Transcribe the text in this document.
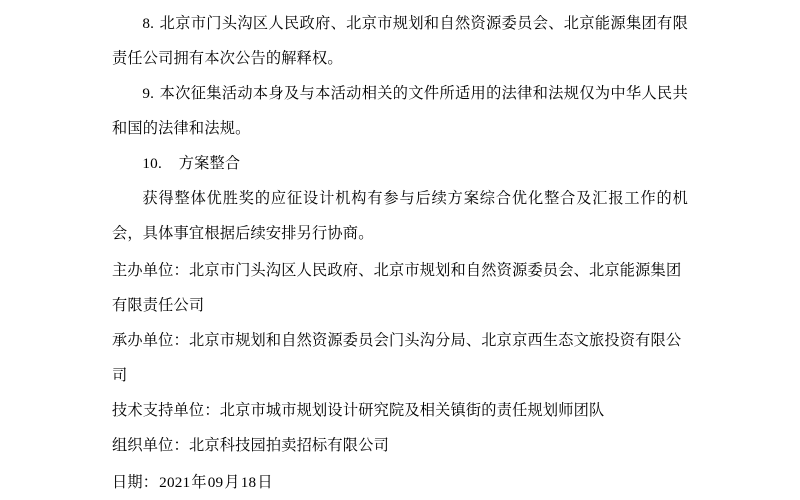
8. 北京市门头沟区人民政府、北京市规划和自然资源委员会、北京能源集团有限责任公司拥有本次公告的解释权。

9. 本次征集活动本身及与本活动相关的文件所适用的法律和法规仅为中华人民共和国的法律和法规。

10. 方案整合

获得整体优胜奖的应征设计机构有参与后续方案综合优化整合及汇报工作的机会，具体事宜根据后续安排另行协商。

主办单位：北京市门头沟区人民政府、北京市规划和自然资源委员会、北京能源集团有限责任公司

承办单位：北京市规划和自然资源委员会门头沟分局、北京京西生态文旅投资有限公司

技术支持单位：北京市城市规划设计研究院及相关镇街的责任规划师团队

组织单位：北京科技园拍卖招标有限公司

日期：2021年09月18日
